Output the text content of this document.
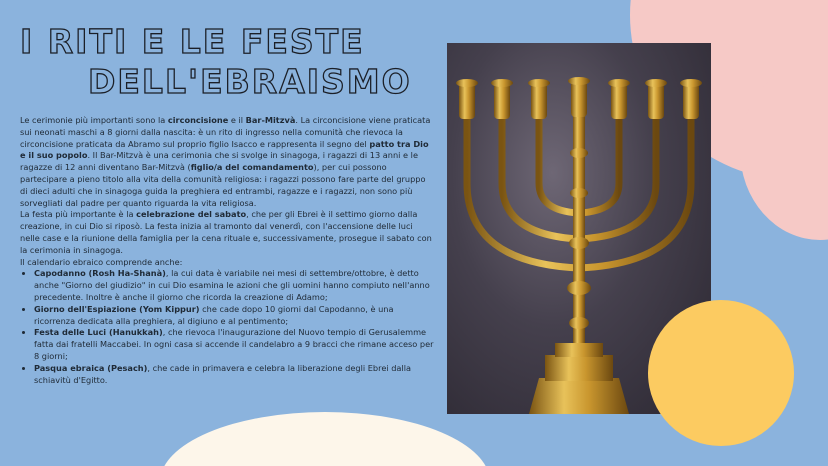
I RITI E LE FESTE
DELL'EBRAISMO

Le cerimonie più importanti sono la circoncisione e il Bar-Mitzvà. La circoncisione viene praticata sui neonati maschi a 8 giorni dalla nascita: è un rito di ingresso nella comunità che rievoca la circoncisione praticata da Abramo sul proprio figlio Isacco e rappresenta il segno del patto tra Dio e il suo popolo. Il Bar-Mitzvà è una cerimonia che si svolge in sinagoga, i ragazzi di 13 anni e le ragazze di 12 anni diventano Bar-Mitzvà (figlio/a del comandamento), per cui possono partecipare a pieno titolo alla vita della comunità religiosa: i ragazzi possono fare parte del gruppo di dieci adulti che in sinagoga guida la preghiera ed entrambi, ragazze e i ragazzi, non sono più sorvegliati dal padre per quanto riguarda la vita religiosa.

La festa più importante è la celebrazione del sabato, che per gli Ebrei è il settimo giorno dalla creazione, in cui Dio si riposò. La festa inizia al tramonto dal venerdì, con l'accensione delle luci nelle case e la riunione della famiglia per la cena rituale e, successivamente, prosegue il sabato con la cerimonia in sinagoga.

Il calendario ebraico comprende anche:

• Capodanno (Rosh Ha-Shanà), la cui data è variabile nei mesi di settembre/ottobre, è detto anche "Giorno del giudizio" in cui Dio esamina le azioni che gli uomini hanno compiuto nell'anno precedente. Inoltre è anche il giorno che ricorda la creazione di Adamo;
• Giorno dell'Espiazione (Yom Kippur) che cade dopo 10 giorni dal Capodanno, è una ricorrenza dedicata alla preghiera, al digiuno e al pentimento;
• Festa delle Luci (Hanukkah), che rievoca l'inaugurazione del Nuovo tempio di Gerusalemme fatta dai fratelli Maccabei. In ogni casa si accende il candelabro a 9 bracci che rimane acceso per 8 giorni;
• Pasqua ebraica (Pesach), che cade in primavera e celebra la liberazione degli Ebrei dalla schiavitù d'Egitto.
